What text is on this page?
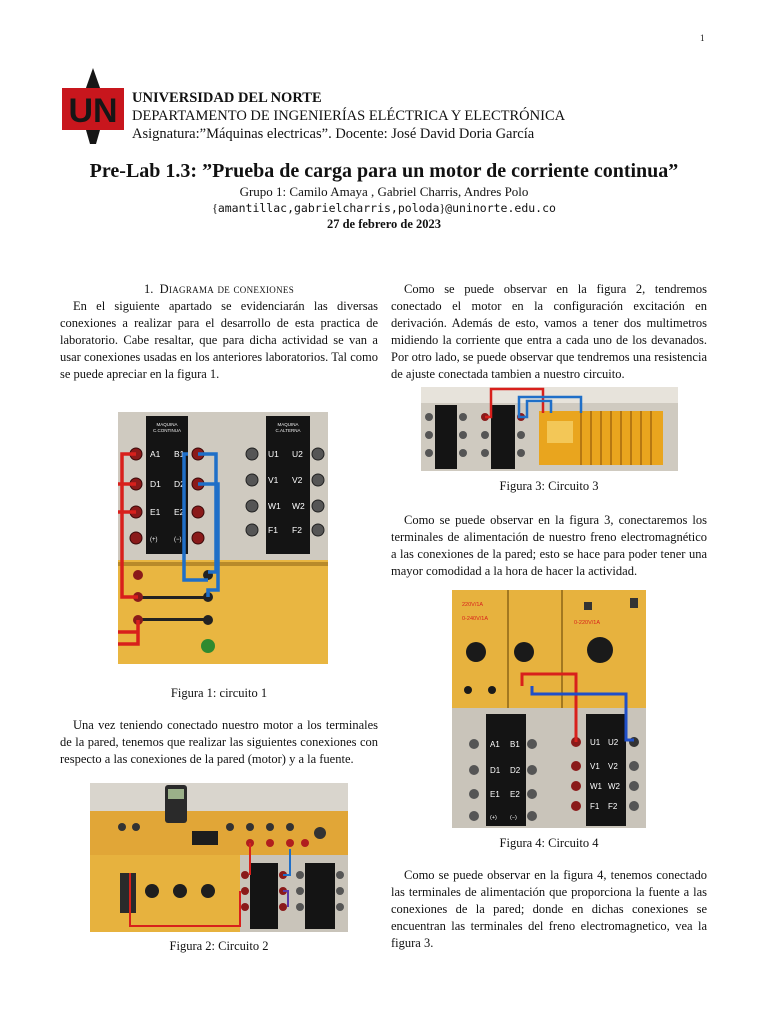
1
UN UNIVERSIDAD DEL NORTE
DEPARTAMENTO DE INGENIERÍAS ELÉCTRICA Y ELECTRÓNICA
Asignatura:”Máquinas electricas”. Docente: José David Doria García
Pre-Lab 1.3: ”Prueba de carga para un motor de corriente continua”
Grupo 1: Camilo Amaya , Gabriel Charris, Andres Polo
{amantillac,gabrielcharris,poloda}@uninorte.edu.co
27 de febrero de 2023
1. Diagrama de conexiones

En el siguiente apartado se evidenciarán las diversas conexiones a realizar para el desarrollo de esta practica de laboratorio. Cabe resaltar, que para dicha actividad se van a usar conexiones usadas en los anteriores laboratorios. Tal como se puede apreciar en la figura 1.

MAQUINA
C.CONTINUA
MAQUINA
C.ALTERNA
A1 B1
D1 D2
E1 E2
(+)	(−)
U1 U2
V1 V2
W1 W2
F1 F2
Figura 1: circuito 1

Una vez teniendo conectado nuestro motor a los terminales de la pared, tenemos que realizar las siguientes conexiones con respecto a las conexiones de la pared (motor) y a la fuente.

Figura 2: Circuito 2

Como se puede observar en la figura 2, tendremos conectado el motor en la configuración excitación en derivación. Además de esto, vamos a tener dos multimetros midiendo la corriente que entra a cada uno de los devanados. Por otro lado, se puede observar que tendremos una resistencia de ajuste conectada tambien a nuestro circuito.

Figura 3: Circuito 3

Como se puede observar en la figura 3, conectaremos los terminales de alimentación de nuestro freno electromagnético a las conexiones de la pared; esto se hace para poder tener una mayor comodidad a la hora de hacer la actividad.

220V/1A
0-240V/1A
0-220V/1A
A1 B1
D1 D2
E1 E2
(+) (−)
U1 U2
V1 V2
W1 W2
F1 F2
Figura 4: Circuito 4

Como se puede observar en la figura 4, tenemos conectado las terminales de alimentación que proporciona la fuente a las conexiones de la pared; donde en dichas conexiones se encuentran las terminales del freno electromagnetico, vea la figura 3.
